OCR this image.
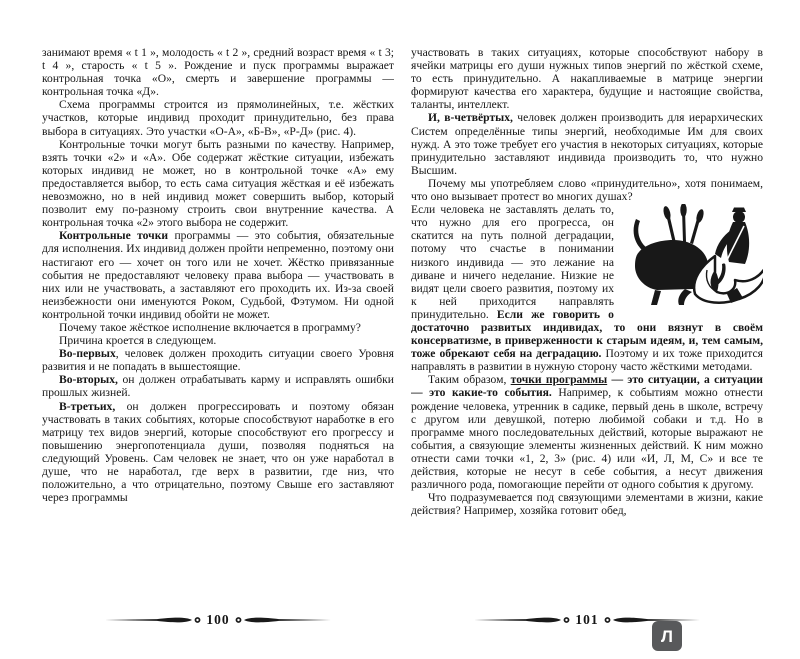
занимают время « t 1 », молодость « t 2 », средний возраст время « t 3; t 4 », старость « t 5 ». Рождение и пуск программы выражает контрольная точка «О», смерть и завершение программы — контрольная точка «Д».

Схема программы строится из прямолинейных, т.е. жёстких участков, которые индивид проходит принудительно, без права выбора в ситуациях. Это участки «О-А», «Б-В», «Р-Д» (рис. 4).

Контрольные точки могут быть разными по качеству. Например, взять точки «2» и «А». Обе содержат жёсткие ситуации, избежать которых индивид не может, но в контрольной точке «А» ему предоставляется выбор, то есть сама ситуация жёсткая и её избежать невозможно, но в ней индивид может совершить выбор, который позволит ему по-разному строить свои внутренние качества. А контрольная точка «2» этого выбора не содержит.

Контрольные точки программы — это события, обязательные для исполнения. Их индивид должен пройти непременно, поэтому они настигают его — хочет он того или не хочет. Жёстко привязанные события не предоставляют человеку права выбора — участвовать в них или не участвовать, а заставляют его проходить их. Из-за своей неизбежности они именуются Роком, Судьбой, Фэтумом. Ни одной контрольной точки индивид обойти не может.

Почему такое жёсткое исполнение включается в программу?

Причина кроется в следующем.

Во-первых, человек должен проходить ситуации своего Уровня развития и не попадать в вышестоящие.

Во-вторых, он должен отрабатывать карму и исправлять ошибки прошлых жизней.

В-третьих, он должен прогрессировать и поэтому обязан участвовать в таких событиях, которые способствуют наработке в его матрицу тех видов энергий, которые способствуют его прогрессу и повышению энергопотенциала души, позволяя подняться на следующий Уровень. Сам человек не знает, что он уже наработал в душе, что не наработал, где верх в развитии, где низ, что положительно, а что отрицательно, поэтому Свыше его заставляют через программы

участвовать в таких ситуациях, которые способствуют набору в ячейки матрицы его души нужных типов энергий по жёсткой схеме, то есть принудительно. А накапливаемые в матрице энергии формируют качества его характера, будущие и настоящие свойства, таланты, интеллект.

И, в-четвёртых, человек должен производить для иерархических Систем определённые типы энергий, необходимые Им для своих нужд. А это тоже требует его участия в некоторых ситуациях, которые принудительно заставляют индивида производить то, что нужно Высшим.

Почему мы употребляем слово «принудительно», хотя понимаем, что оно вызывает протест во многих душах?

Если человека не заставлять делать то, что нужно для его прогресса, он скатится на путь полной деградации, потому что счастье в понимании низкого индивида — это лежание на диване и ничего неделание. Низкие не видят цели своего развития, поэтому их к ней приходится направлять принудительно. Если же говорить о достаточно развитых индивидах, то они вязнут в своём консерватизме, в приверженности к старым идеям, и, тем самым, тоже обрекают себя на деградацию. Поэтому и их тоже приходится направлять в развитии в нужную сторону часто жёсткими методами.

Таким образом, точки программы — это ситуации, а ситуации — это какие-то события. Например, к событиям можно отнести рождение человека, утренник в садике, первый день в школе, встречу с другом или девушкой, потерю любимой собаки и т.д. Но в программе много последовательных действий, которые выражают не события, а связующие элементы жизненных действий. К ним можно отнести сами точки «1, 2, 3» (рис. 4) или «И, Л, М, С» и все те действия, которые не несут в себе события, а несут движения различного рода, помогающие перейти от одного события к другому.

Что подразумевается под связующими элементами в жизни, какие действия? Например, хозяйка готовит обед,

100	101
Л
